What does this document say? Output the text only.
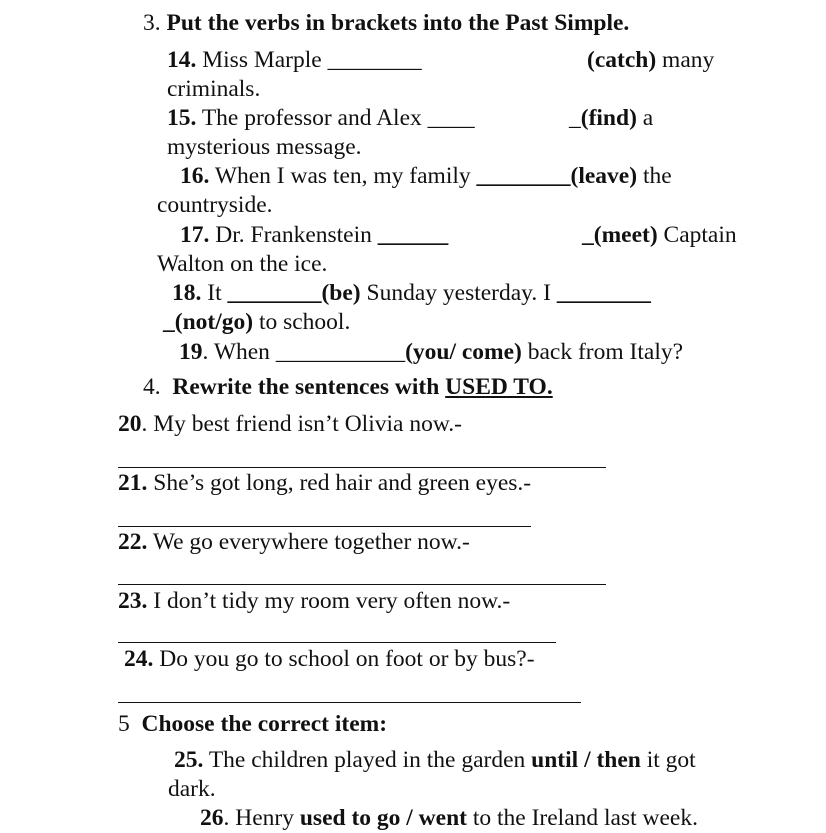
3. Put the verbs in brackets into the Past Simple.
14. Miss Marple ________	(catch) many
criminals.
15. The professor and Alex ____	_(find) a
mysterious message.
16. When I was ten, my family ________(leave) the
countryside.
17. Dr. Frankenstein ______	_(meet) Captain
Walton on the ice.
18. It ________(be) Sunday yesterday. I ________
_(not/go) to school.
19. When ___________(you/ come) back from Italy?
4. Rewrite the sentences with USED TO.
20. My best friend isn’t Olivia now.-
21. She’s got long, red hair and green eyes.-
22. We go everywhere together now.-
23. I don’t tidy my room very often now.-
24. Do you go to school on foot or by bus?-
5 Choose the correct item:
25. The children played in the garden until / then it got
dark.
26. Henry used to go / went to the Ireland last week.
